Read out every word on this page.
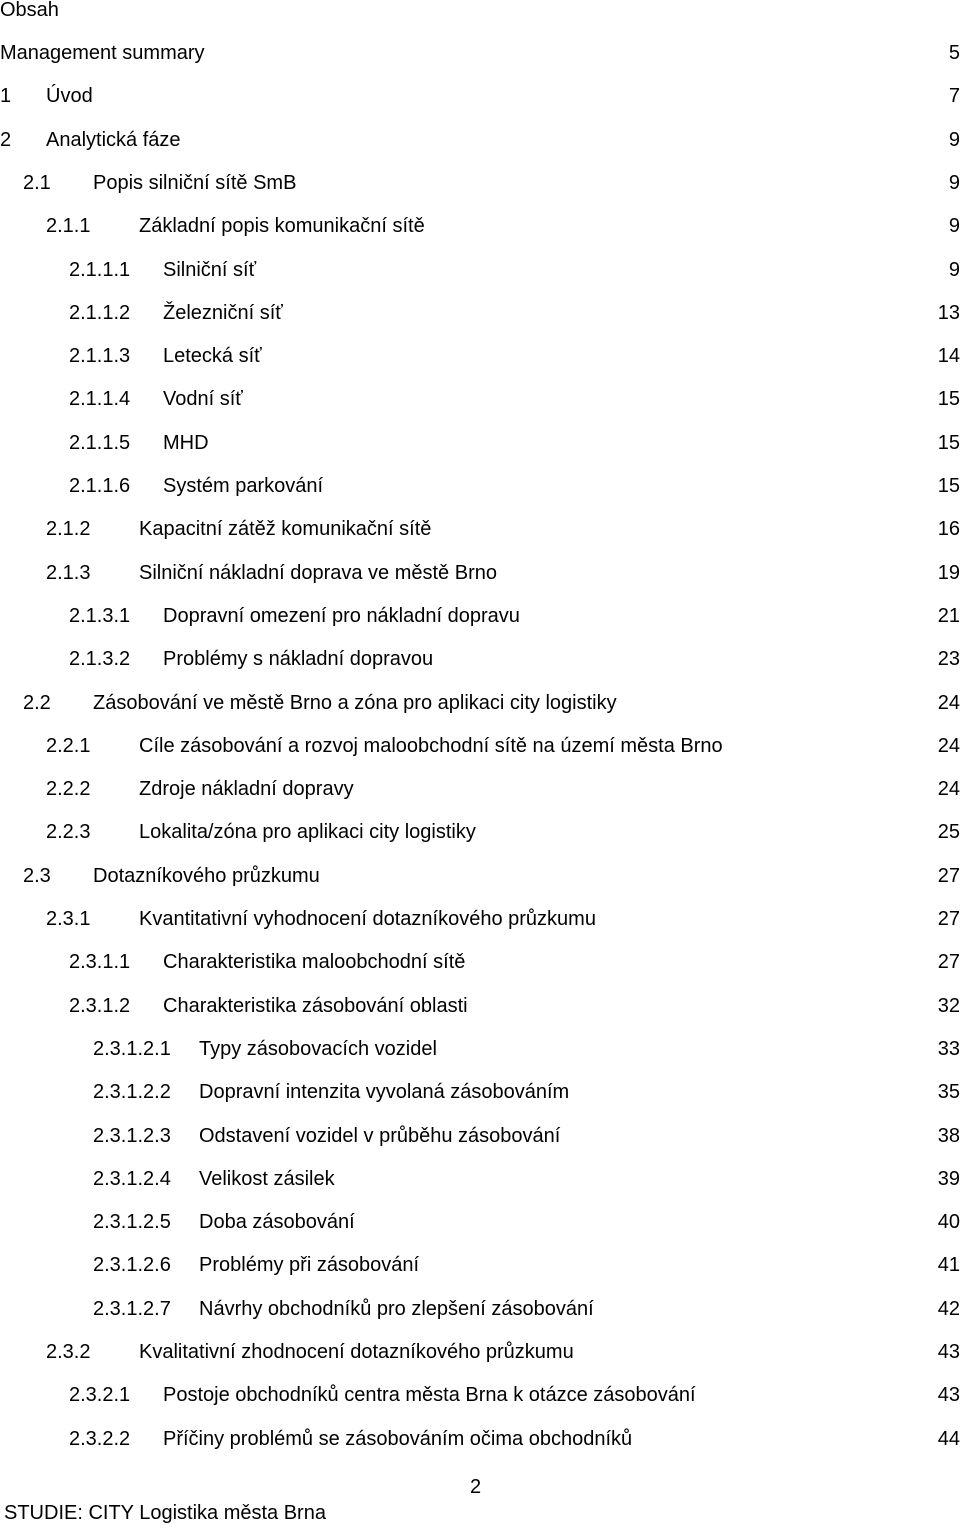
Obsah
Management summary	5
1 Úvod	7
2 Analytická fáze	9
2.1 Popis silniční sítě SmB	9
2.1.1 Základní popis komunikační sítě	9
2.1.1.1 Silniční síť	9
2.1.1.2 Železniční síť	13
2.1.1.3 Letecká síť	14
2.1.1.4 Vodní síť	15
2.1.1.5 MHD	15
2.1.1.6 Systém parkování	15
2.1.2 Kapacitní zátěž komunikační sítě	16
2.1.3 Silniční nákladní doprava ve městě Brno	19
2.1.3.1 Dopravní omezení pro nákladní dopravu	21
2.1.3.2 Problémy s nákladní dopravou	23
2.2 Zásobování ve městě Brno a zóna pro aplikaci city logistiky	24
2.2.1 Cíle zásobování a rozvoj maloobchodní sítě na území města Brno	24
2.2.2 Zdroje nákladní dopravy	24
2.2.3 Lokalita/zóna pro aplikaci city logistiky	25
2.3 Dotazníkového průzkumu	27
2.3.1 Kvantitativní vyhodnocení dotazníkového průzkumu	27
2.3.1.1 Charakteristika maloobchodní sítě	27
2.3.1.2 Charakteristika zásobování oblasti	32
2.3.1.2.1 Typy zásobovacích vozidel	33
2.3.1.2.2 Dopravní intenzita vyvolaná zásobováním	35
2.3.1.2.3 Odstavení vozidel v průběhu zásobování	38
2.3.1.2.4 Velikost zásilek	39
2.3.1.2.5 Doba zásobování	40
2.3.1.2.6 Problémy při zásobování	41
2.3.1.2.7 Návrhy obchodníků pro zlepšení zásobování	42
2.3.2 Kvalitativní zhodnocení dotazníkového průzkumu	43
2.3.2.1 Postoje obchodníků centra města Brna k otázce zásobování	43
2.3.2.2 Příčiny problémů se zásobováním očima obchodníků	44
2
STUDIE: CITY Logistika města Brna
